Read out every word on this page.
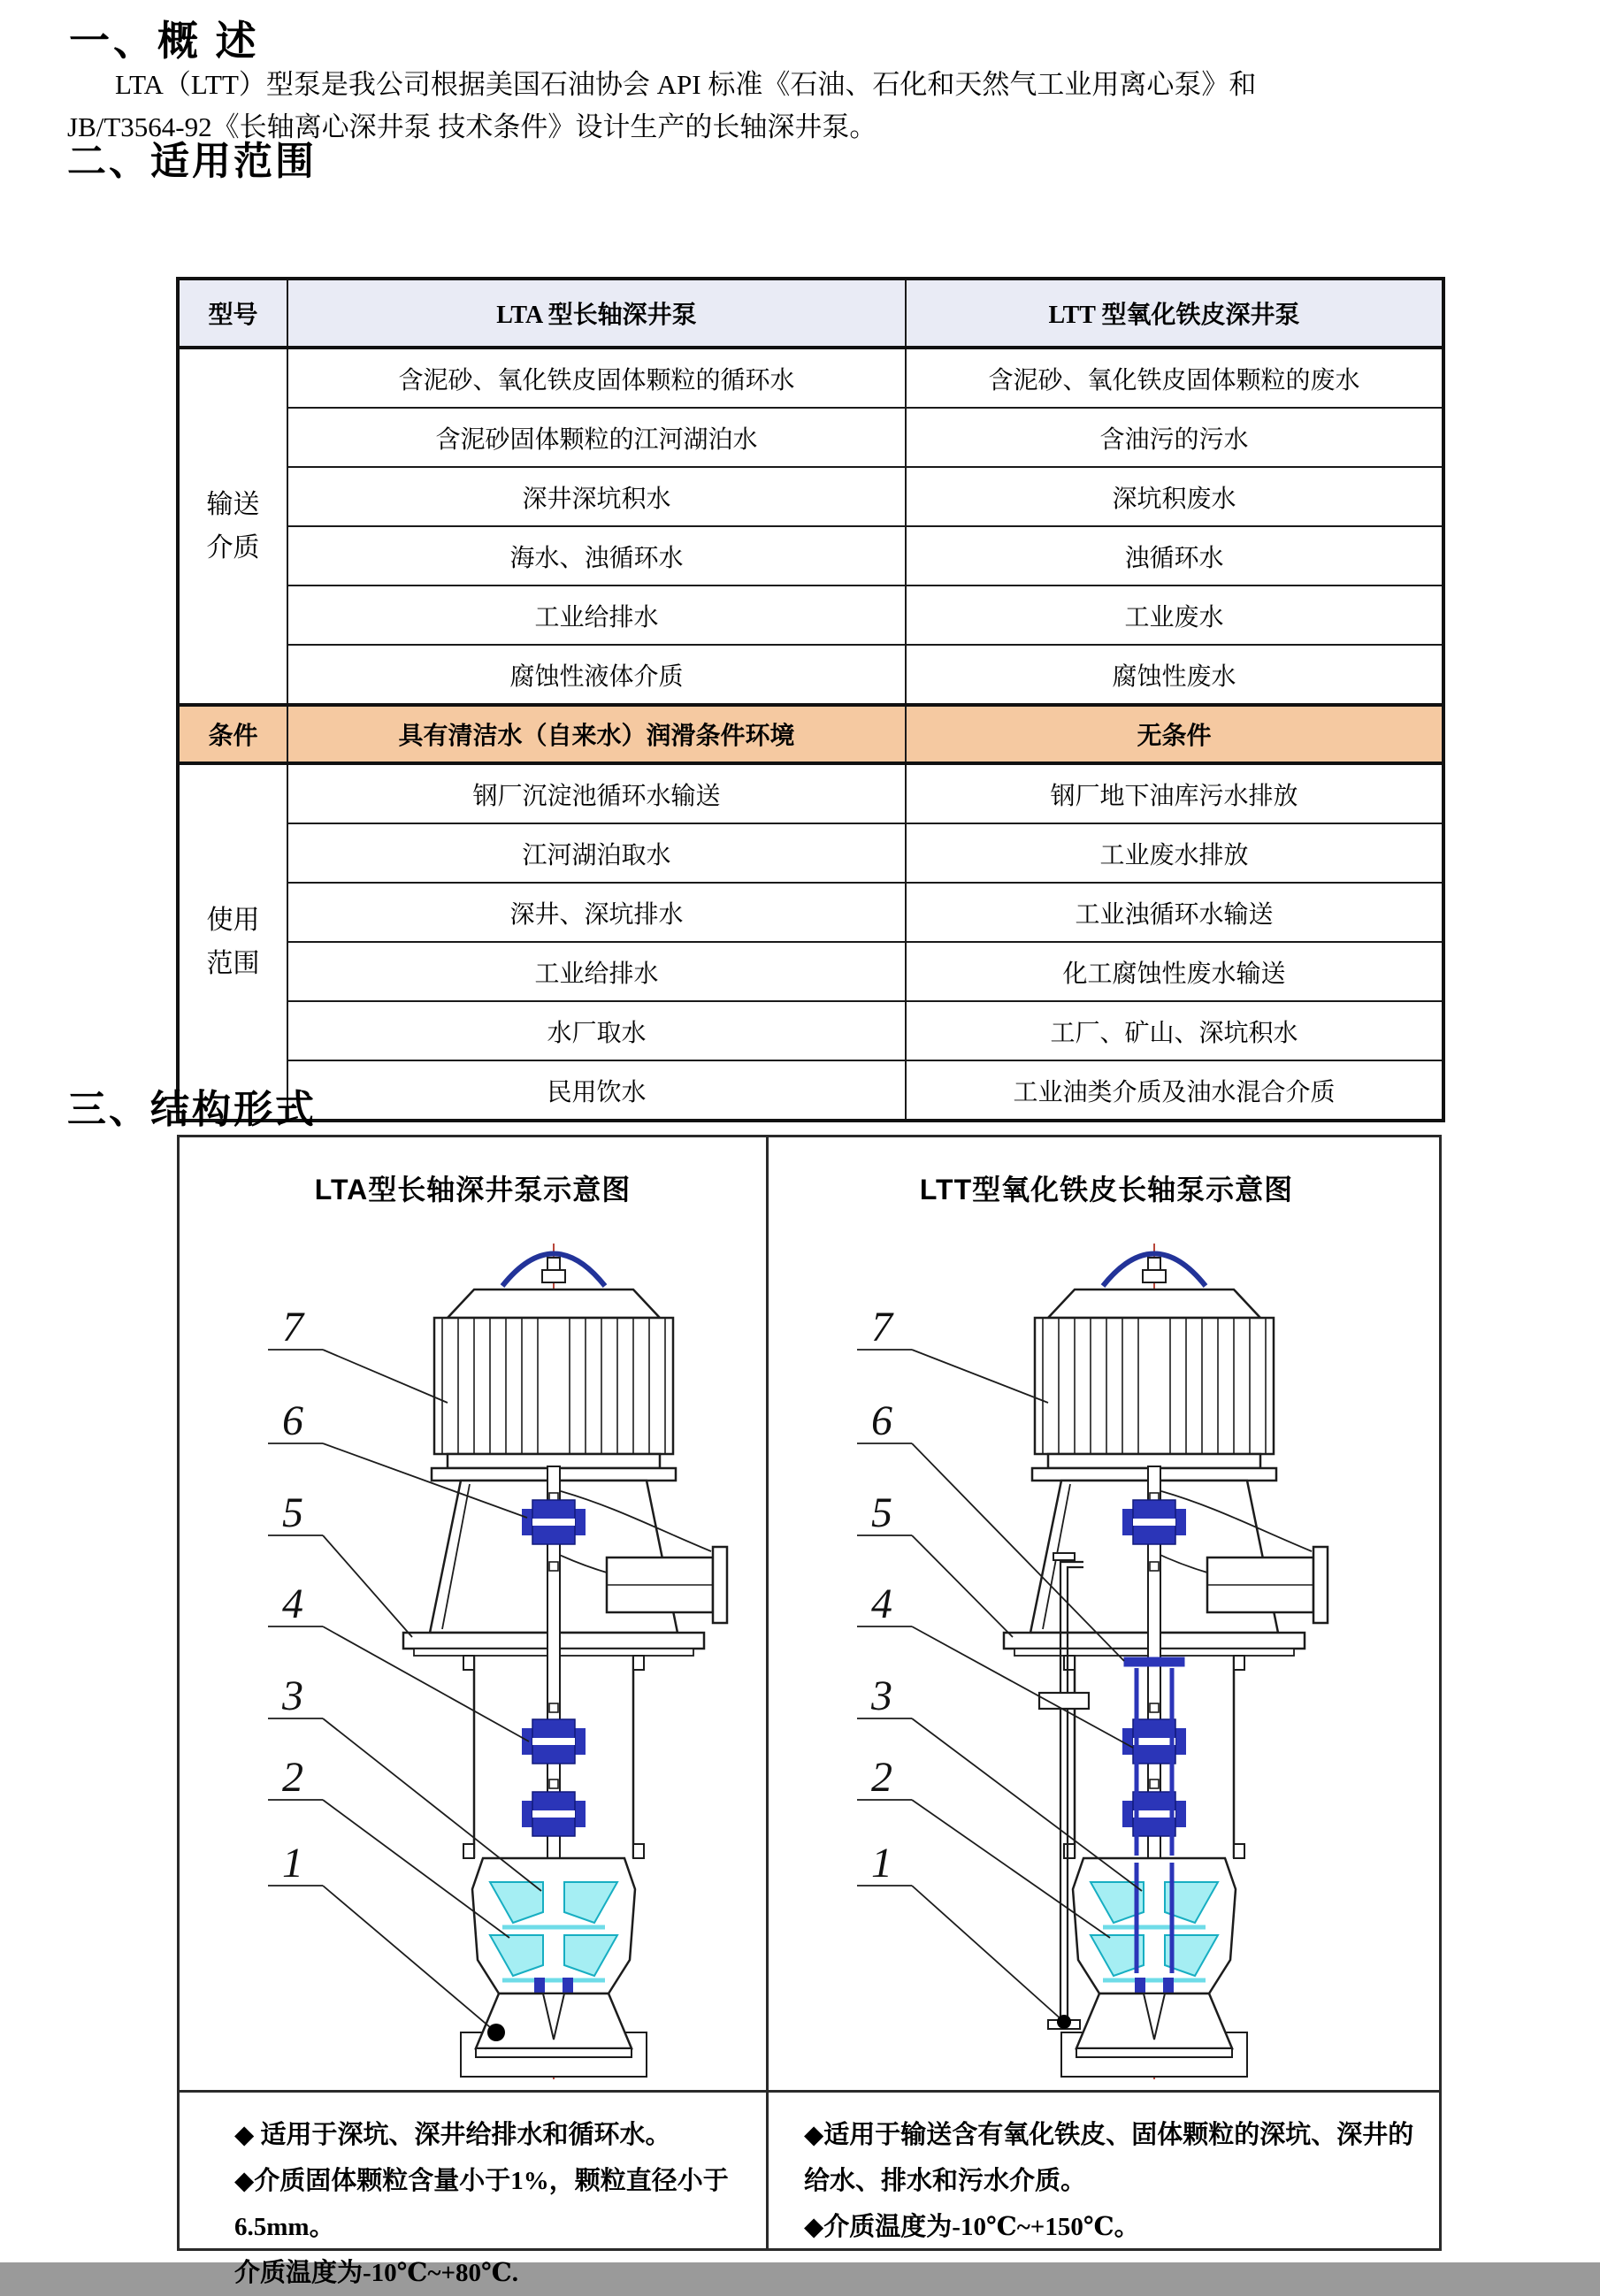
一、概 述
LTA（LTT）型泵是我公司根据美国石油协会 API 标准《石油、石化和天然气工业用离心泵》和
JB/T3564-92《长轴离心深井泵 技术条件》设计生产的长轴深井泵。
二、适用范围
型号	LTA 型长轴深井泵	LTT 型氧化铁皮深井泵
输送介质	含泥砂、氧化铁皮固体颗粒的循环水	含泥砂、氧化铁皮固体颗粒的废水
	含泥砂固体颗粒的江河湖泊水	含油污的污水
	深井深坑积水	深坑积废水
	海水、浊循环水	浊循环水
	工业给排水	工业废水
	腐蚀性液体介质	腐蚀性废水
条件	具有清洁水（自来水）润滑条件环境	无条件
使用范围	钢厂沉淀池循环水输送	钢厂地下油库污水排放
	江河湖泊取水	工业废水排放
	深井、深坑排水	工业浊循环水输送
	工业给排水	化工腐蚀性废水输送
	水厂取水	工厂、矿山、深坑积水
	民用饮水	工业油类介质及油水混合介质
三、结构形式
LTA型长轴深井泵示意图
7
6
5
4
3
2
1
LTT型氧化铁皮长轴泵示意图
7
6
5
4
3
2
1
◆ 适用于深坑、深井给排水和循环水。
◆介质固体颗粒含量小于1%，颗粒直径小于6.5mm。
介质温度为-10℃~+80℃.
◆适用于输送含有氧化铁皮、固体颗粒的深坑、深井的给水、排水和污水介质。
◆介质温度为-10℃~+150℃。
